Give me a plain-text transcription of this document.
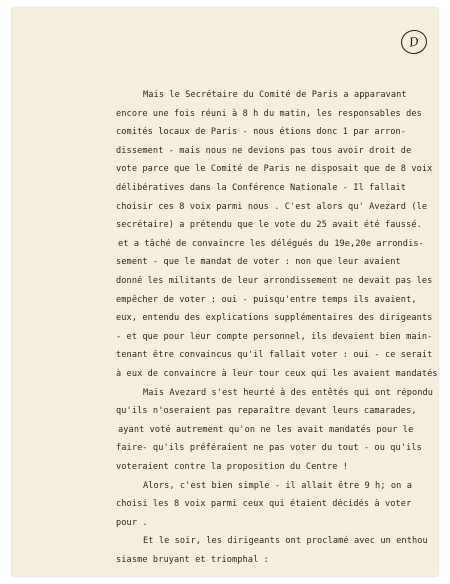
D
Mais le Secrétaire du Comité de Paris a apparavant
encore une fois réuni à 8 h du matin, les responsables des
comités locaux de Paris - nous étions donc 1 par arron-
dissement - mais nous ne devions pas tous avoir droit de
vote parce que le Comité de Paris ne disposait que de 8 voix
délibératives dans la Conférence Nationale - Il fallait
choisir ces 8 voix parmi nous . C'est alors qu' Avezard (le
secrétaire) a prétendu que le vote du 25 avait été faussé.
et a tâché de convaincre les délégués du 19e,20e arrondis-
sement - que le mandat de voter : non que leur avaient
donné les militants de leur arrondissement ne devait pas les
empêcher de voter : oui - puisqu'entre temps ils avaient,
eux, entendu des explications supplémentaires des dirigeants
- et que pour leur compte personnel, ils devaient bien main-
tenant être convaincus qu'il fallait voter : oui - ce serait
à eux de convaincre à leur tour ceux qui les avaient mandatés
Mais Avezard s'est heurté à des entêtés qui ont répondu
qu'ils n'oseraient pas reparaître devant leurs camarades,
ayant voté autrement qu'on ne les avait mandatés pour le
faire- qu'ils préféraient ne pas voter du tout - ou qu'ils
voteraient contre la proposition du Centre !
Alors, c'est bien simple - il allait être 9 h; on a
choisi les 8 voix parmi ceux qui étaient décidés à voter
pour .
Et le soir, les dirigeants ont proclamé avec un enthou
siasme bruyant et triomphal :
